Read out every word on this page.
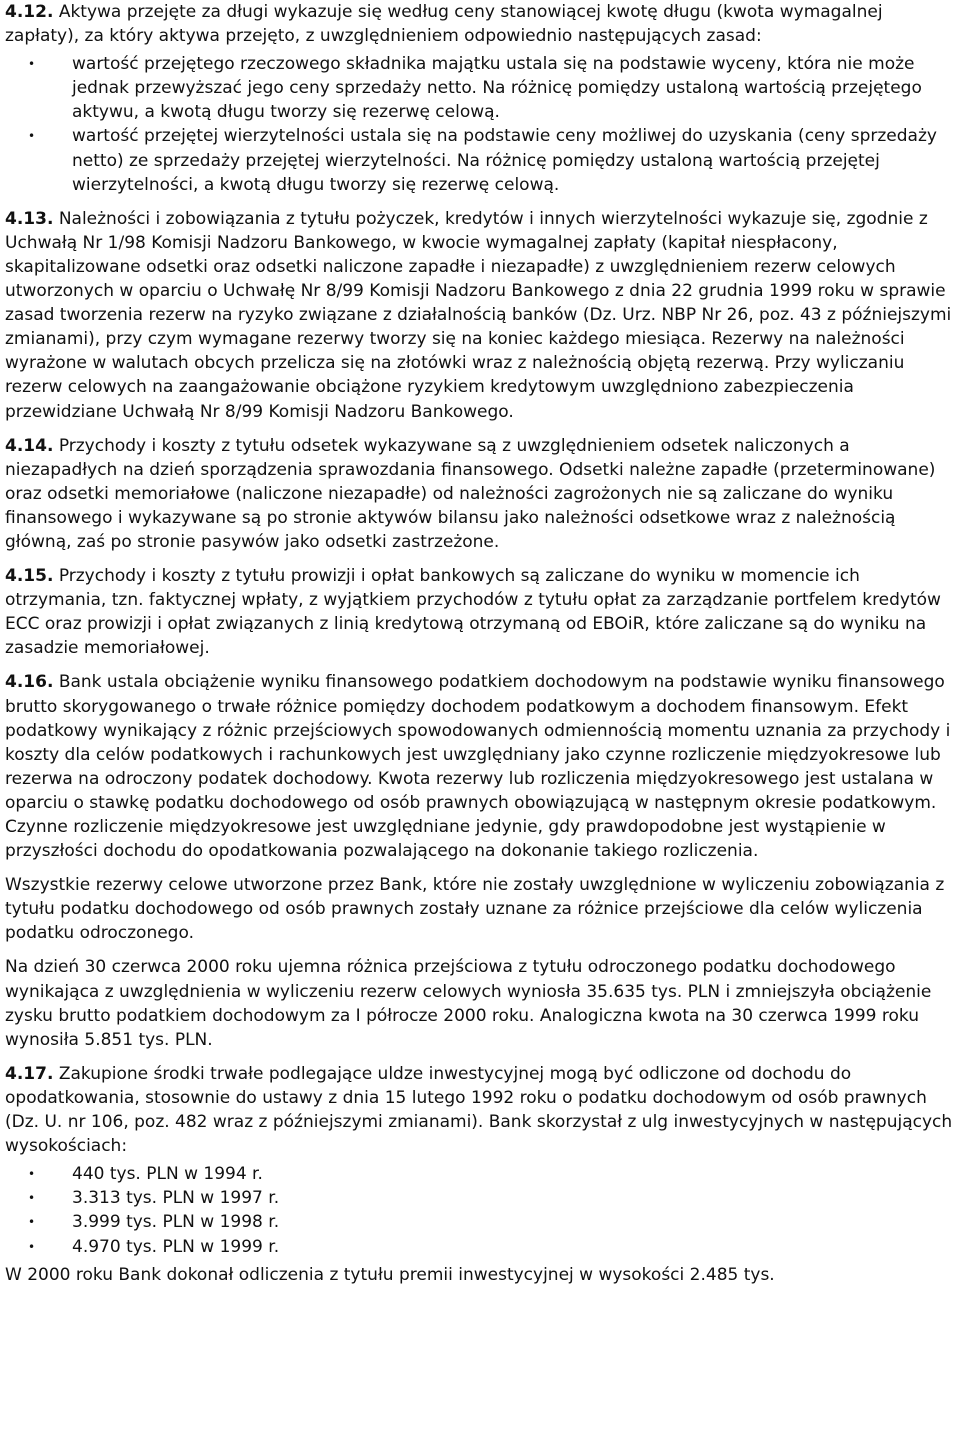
4.12. Aktywa przejęte za długi wykazuje się według ceny stanowiącej kwotę długu (kwota wymagalnej zapłaty), za który aktywa przejęto, z uwzględnieniem odpowiednio następujących zasad:

• wartość przejętego rzeczowego składnika majątku ustala się na podstawie wyceny, która nie może jednak przewyższać jego ceny sprzedaży netto. Na różnicę pomiędzy ustaloną wartością przejętego aktywu, a kwotą długu tworzy się rezerwę celową.
• wartość przejętej wierzytelności ustala się na podstawie ceny możliwej do uzyskania (ceny sprzedaży netto) ze sprzedaży przejętej wierzytelności. Na różnicę pomiędzy ustaloną wartością przejętej wierzytelności, a kwotą długu tworzy się rezerwę celową.

4.13. Należności i zobowiązania z tytułu pożyczek, kredytów i innych wierzytelności wykazuje się, zgodnie z Uchwałą Nr 1/98 Komisji Nadzoru Bankowego, w kwocie wymagalnej zapłaty (kapitał niespłacony, skapitalizowane odsetki oraz odsetki naliczone zapadłe i niezapadłe) z uwzględnieniem rezerw celowych utworzonych w oparciu o Uchwałę Nr 8/99 Komisji Nadzoru Bankowego z dnia 22 grudnia 1999 roku w sprawie zasad tworzenia rezerw na ryzyko związane z działalnością banków (Dz. Urz. NBP Nr 26, poz. 43 z późniejszymi zmianami), przy czym wymagane rezerwy tworzy się na koniec każdego miesiąca. Rezerwy na należności wyrażone w walutach obcych przelicza się na złotówki wraz z należnością objętą rezerwą. Przy wyliczaniu rezerw celowych na zaangażowanie obciążone ryzykiem kredytowym uwzględniono zabezpieczenia przewidziane Uchwałą Nr 8/99 Komisji Nadzoru Bankowego.

4.14. Przychody i koszty z tytułu odsetek wykazywane są z uwzględnieniem odsetek naliczonych a niezapadłych na dzień sporządzenia sprawozdania finansowego. Odsetki należne zapadłe (przeterminowane) oraz odsetki memoriałowe (naliczone niezapadłe) od należności zagrożonych nie są zaliczane do wyniku finansowego i wykazywane są po stronie aktywów bilansu jako należności odsetkowe wraz z należnością główną, zaś po stronie pasywów jako odsetki zastrzeżone.

4.15. Przychody i koszty z tytułu prowizji i opłat bankowych są zaliczane do wyniku w momencie ich otrzymania, tzn. faktycznej wpłaty, z wyjątkiem przychodów z tytułu opłat za zarządzanie portfelem kredytów ECC oraz prowizji i opłat związanych z linią kredytową otrzymaną od EBOiR, które zaliczane są do wyniku na zasadzie memoriałowej.

4.16. Bank ustala obciążenie wyniku finansowego podatkiem dochodowym na podstawie wyniku finansowego brutto skorygowanego o trwałe różnice pomiędzy dochodem podatkowym a dochodem finansowym. Efekt podatkowy wynikający z różnic przejściowych spowodowanych odmiennością momentu uznania za przychody i koszty dla celów podatkowych i rachunkowych jest uwzględniany jako czynne rozliczenie międzyokresowe lub rezerwa na odroczony podatek dochodowy. Kwota rezerwy lub rozliczenia międzyokresowego jest ustalana w oparciu o stawkę podatku dochodowego od osób prawnych obowiązującą w następnym okresie podatkowym. Czynne rozliczenie międzyokresowe jest uwzględniane jedynie, gdy prawdopodobne jest wystąpienie w przyszłości dochodu do opodatkowania pozwalającego na dokonanie takiego rozliczenia.

Wszystkie rezerwy celowe utworzone przez Bank, które nie zostały uwzględnione w wyliczeniu zobowiązania z tytułu podatku dochodowego od osób prawnych zostały uznane za różnice przejściowe dla celów wyliczenia podatku odroczonego.

Na dzień 30 czerwca 2000 roku ujemna różnica przejściowa z tytułu odroczonego podatku dochodowego wynikająca z uwzględnienia w wyliczeniu rezerw celowych wyniosła 35.635 tys. PLN i zmniejszyła obciążenie zysku brutto podatkiem dochodowym za I półrocze 2000 roku. Analogiczna kwota na 30 czerwca 1999 roku wynosiła 5.851 tys. PLN.

4.17. Zakupione środki trwałe podlegające uldze inwestycyjnej mogą być odliczone od dochodu do opodatkowania, stosownie do ustawy z dnia 15 lutego 1992 roku o podatku dochodowym od osób prawnych (Dz. U. nr 106, poz. 482 wraz z późniejszymi zmianami). Bank skorzystał z ulg inwestycyjnych w następujących wysokościach:

• 440 tys. PLN w 1994 r.
• 3.313 tys. PLN w 1997 r.
• 3.999 tys. PLN w 1998 r.
• 4.970 tys. PLN w 1999 r.

W 2000 roku Bank dokonał odliczenia z tytułu premii inwestycyjnej w wysokości 2.485 tys.
